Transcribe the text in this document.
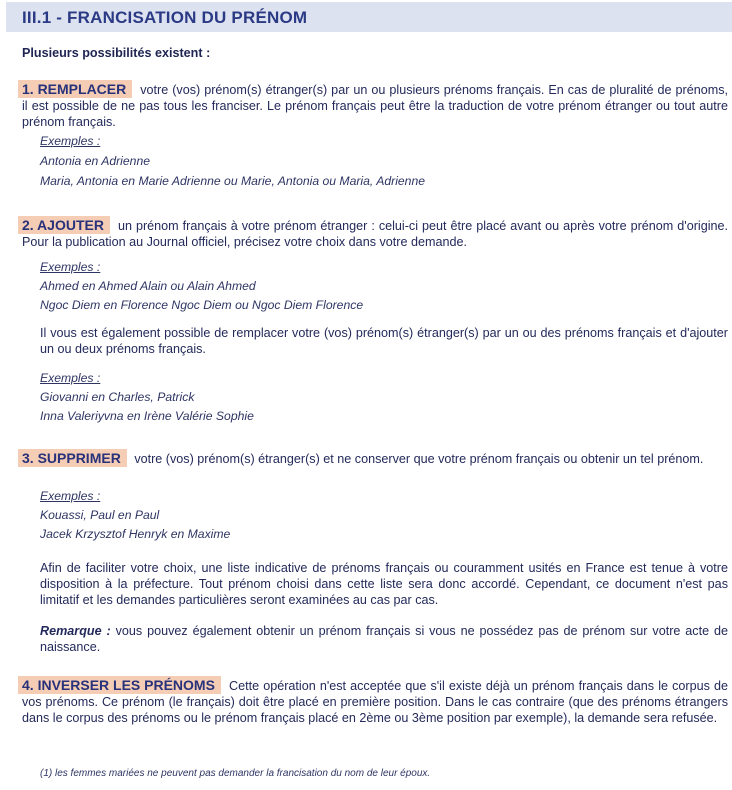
III.1 - FRANCISATION DU PRÉNOM
Plusieurs possibilités existent :
1. REMPLACER votre (vos) prénom(s) étranger(s) par un ou plusieurs prénoms français. En cas de pluralité de prénoms, il est possible de ne pas tous les franciser. Le prénom français peut être la traduction de votre prénom étranger ou tout autre prénom français.
Exemples :
Antonia en Adrienne
Maria, Antonia en Marie Adrienne ou Marie, Antonia ou Maria, Adrienne
2. AJOUTER un prénom français à votre prénom étranger : celui-ci peut être placé avant ou après votre prénom d'origine. Pour la publication au Journal officiel, précisez votre choix dans votre demande.
Exemples :
Ahmed en Ahmed Alain ou Alain Ahmed
Ngoc Diem en Florence Ngoc Diem ou Ngoc Diem Florence
Il vous est également possible de remplacer votre (vos) prénom(s) étranger(s) par un ou des prénoms français et d'ajouter un ou deux prénoms français.
Exemples :
Giovanni en Charles, Patrick
Inna Valeriyvna en Irène Valérie Sophie
3. SUPPRIMER votre (vos) prénom(s) étranger(s) et ne conserver que votre prénom français ou obtenir un tel prénom.
Exemples :
Kouassi, Paul en Paul
Jacek Krzysztof Henryk en Maxime
Afin de faciliter votre choix, une liste indicative de prénoms français ou couramment usités en France est tenue à votre disposition à la préfecture. Tout prénom choisi dans cette liste sera donc accordé. Cependant, ce document n'est pas limitatif et les demandes particulières seront examinées au cas par cas.
Remarque : vous pouvez également obtenir un prénom français si vous ne possédez pas de prénom sur votre acte de naissance.
4. INVERSER LES PRÉNOMS Cette opération n'est acceptée que s'il existe déjà un prénom français dans le corpus de vos prénoms. Ce prénom (le français) doit être placé en première position. Dans le cas contraire (que des prénoms étrangers dans le corpus des prénoms ou le prénom français placé en 2ème ou 3ème position par exemple), la demande sera refusée.
(1) les femmes mariées ne peuvent pas demander la francisation du nom de leur époux.
